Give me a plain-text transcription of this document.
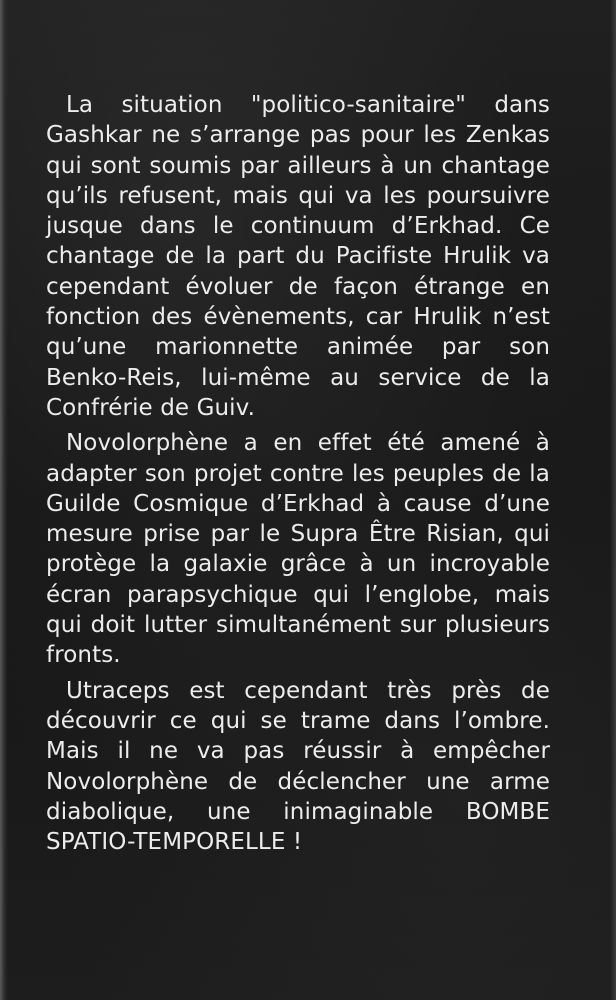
La situation "politico-sanitaire" dans Gashkar ne s’arrange pas pour les Zenkas qui sont soumis par ailleurs à un chantage qu’ils refusent, mais qui va les poursuivre jusque dans le continuum d’Erkhad. Ce chantage de la part du Pacifiste Hrulik va cependant évoluer de façon étrange en fonction des évènements, car Hrulik n’est qu’une marionnette animée par son Benko-Reis, lui-même au service de la Confrérie de Guiv.

Novolorphène a en effet été amené à adapter son projet contre les peuples de la Guilde Cosmique d’Erkhad à cause d’une mesure prise par le Supra Être Risian, qui protège la galaxie grâce à un incroyable écran parapsychique qui l’englobe, mais qui doit lutter simultanément sur plusieurs fronts.

Utraceps est cependant très près de découvrir ce qui se trame dans l’ombre. Mais il ne va pas réussir à empêcher Novolorphène de déclencher une arme diabolique, une inimaginable BOMBE SPATIO-TEMPORELLE !
